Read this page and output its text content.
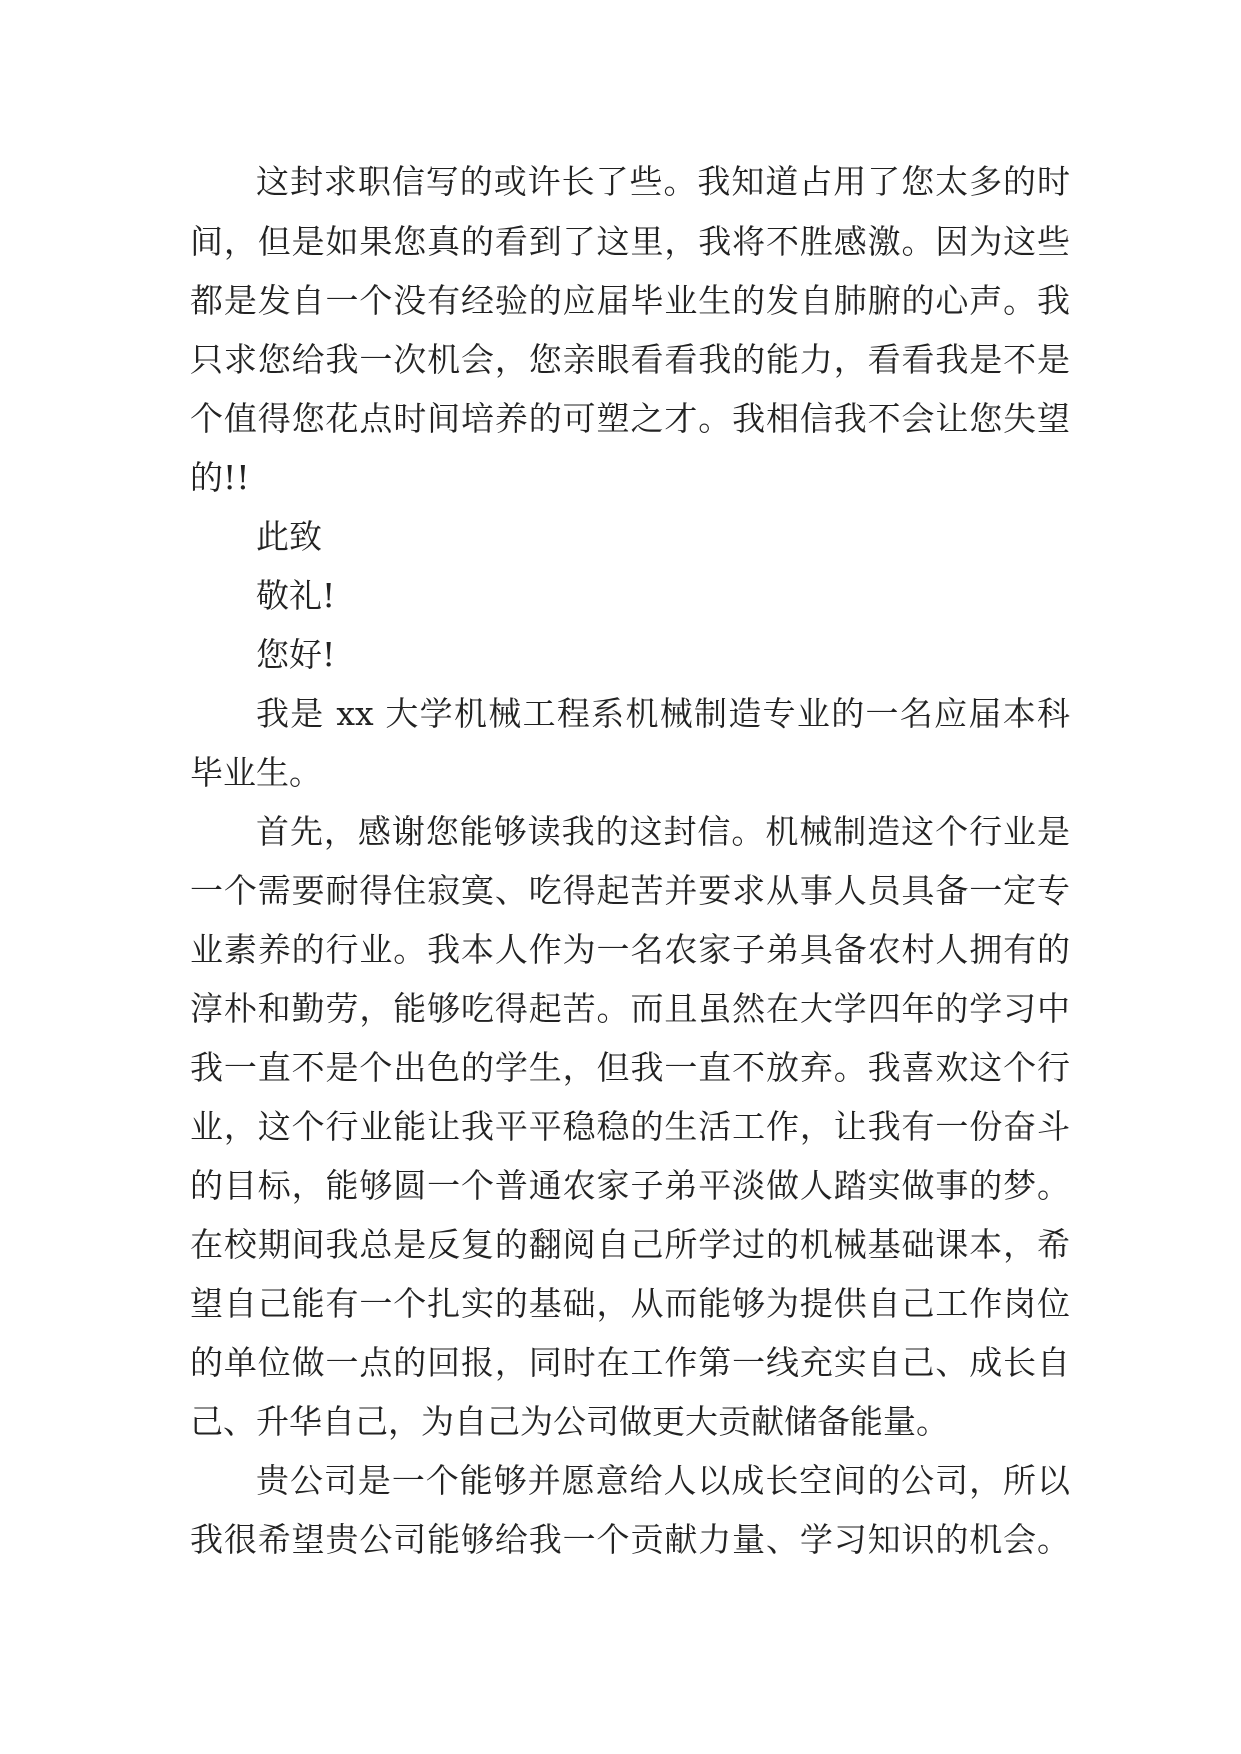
这封求职信写的或许长了些。我知道占用了您太多的时

间，但是如果您真的看到了这里，我将不胜感激。因为这些

都是发自一个没有经验的应届毕业生的发自肺腑的心声。我

只求您给我一次机会，您亲眼看看我的能力，看看我是不是

个值得您花点时间培养的可塑之才。我相信我不会让您失望

的!!

此致

敬礼!

您好!

我是 xx 大学机械工程系机械制造专业的一名应届本科

毕业生。

首先，感谢您能够读我的这封信。机械制造这个行业是

一个需要耐得住寂寞、吃得起苦并要求从事人员具备一定专

业素养的行业。我本人作为一名农家子弟具备农村人拥有的

淳朴和勤劳，能够吃得起苦。而且虽然在大学四年的学习中

我一直不是个出色的学生，但我一直不放弃。我喜欢这个行

业，这个行业能让我平平稳稳的生活工作，让我有一份奋斗

的目标，能够圆一个普通农家子弟平淡做人踏实做事的梦。

在校期间我总是反复的翻阅自己所学过的机械基础课本，希

望自己能有一个扎实的基础，从而能够为提供自己工作岗位

的单位做一点的回报，同时在工作第一线充实自己、成长自

己、升华自己，为自己为公司做更大贡献储备能量。

贵公司是一个能够并愿意给人以成长空间的公司，所以

我很希望贵公司能够给我一个贡献力量、学习知识的机会。
